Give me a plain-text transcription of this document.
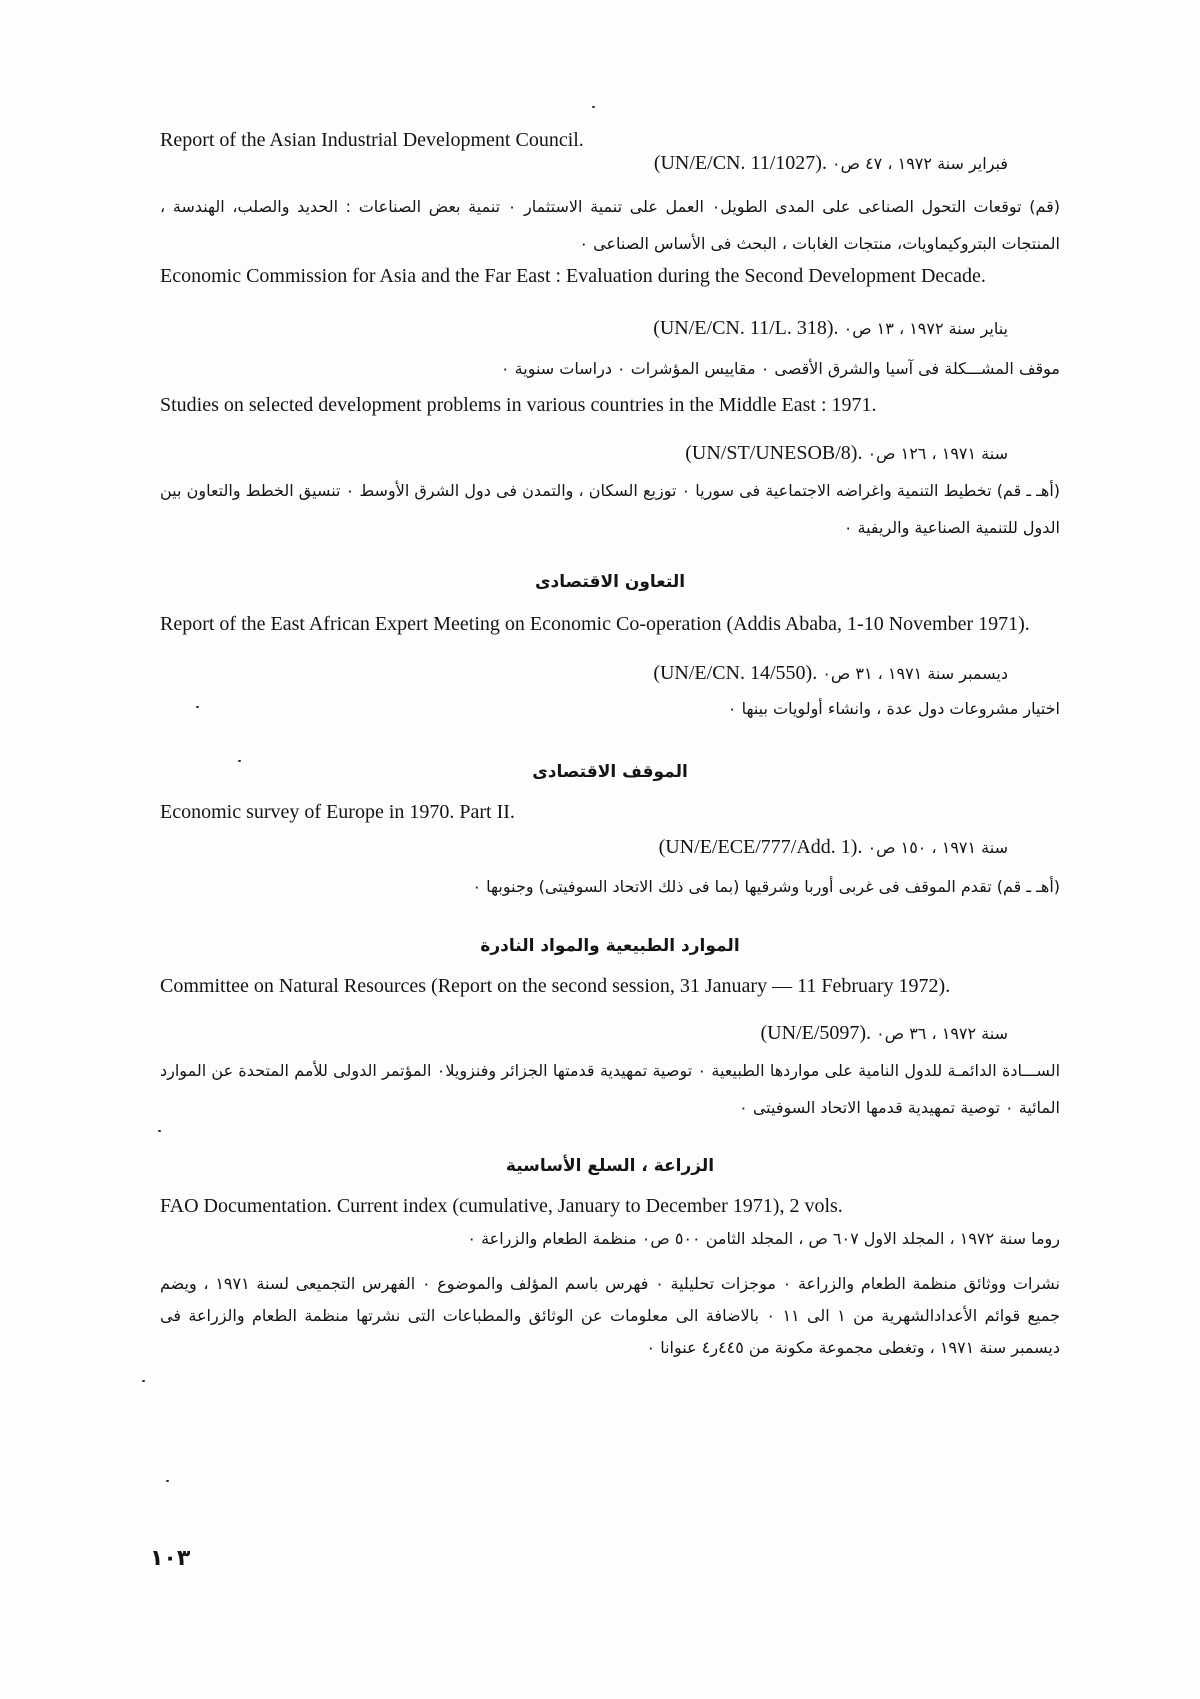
Report of the Asian Industrial Development Council.
فبراير سنة ١٩٧٢ ، ٤٧ ص٠ (UN/E/CN. 11/1027).
(قم) توقعات التحول الصناعى على المدى الطويل٠ العمل على تنمية الاستثمار ٠ تنمية بعض الصناعات : الحديد والصلب، الهندسة ، المنتجات البتروكيماويات، منتجات الغابات ، البحث فى الأساس الصناعى ٠
Economic Commission for Asia and the Far East : Evaluation during the Second Development Decade.
يناير سنة ١٩٧٢ ، ١٣ ص٠ (UN/E/CN. 11/L. 318).
موقف المشـــكلة فى آسيا والشرق الأقصى ٠ مقاييس المؤشرات ٠ دراسات سنوية ٠
Studies on selected development problems in various countries in the Middle East : 1971.
سنة ١٩٧١ ، ١٢٦ ص٠ (UN/ST/UNESOB/8).
(أهـ ـ قم) تخطيط التنمية واغراضه الاجتماعية فى سوريا ٠ توزيع السكان ، والتمدن فى دول الشرق الأوسط ٠ تنسيق الخطط والتعاون بين الدول للتنمية الصناعية والريفية ٠
التعاون الاقتصادى
Report of the East African Expert Meeting on Economic Co-operation (Addis Ababa, 1-10 November 1971).
ديسمبر سنة ١٩٧١ ، ٣١ ص٠ (UN/E/CN. 14/550).
اختيار مشروعات دول عدة ، وانشاء أولويات بينها ٠
الموقف الاقتصادى
Economic survey of Europe in 1970. Part II.
سنة ١٩٧١ ، ١٥٠ ص٠ (UN/E/ECE/777/Add. 1).
(أهـ ـ قم) تقدم الموقف فى غربى أوربا وشرقيها (بما فى ذلك الاتحاد السوفيتى) وجنوبها ٠
الموارد الطبيعية والمواد النادرة
Committee on Natural Resources (Report on the second session, 31 January — 11 February 1972).
سنة ١٩٧٢ ، ٣٦ ص٠ (UN/E/5097).
الســـادة الدائمـة للدول النامية على مواردها الطبيعية ٠ توصية تمهيدية قدمتها الجزائر وفنزويلا٠ المؤتمر الدولى للأمم المتحدة عن الموارد المائية ٠ توصية تمهيدية قدمها الاتحاد السوفيتى ٠
الزراعة ، السلع الأساسية
FAO Documentation. Current index (cumulative, January to December 1971), 2 vols.
روما سنة ١٩٧٢ ، المجلد الاول ٦٠٧ ص ، المجلد الثامن ٥٠٠ ص٠ منظمة الطعام والزراعة ٠
نشرات ووثائق منظمة الطعام والزراعة ٠ موجزات تحليلية ٠ فهرس باسم المؤلف والموضوع ٠ الفهرس التجميعى لسنة ١٩٧١ ، ويضم جميع قوائم الأعدادالشهرية من ١ الى ١١ ٠ بالاضافة الى معلومات عن الوثائق والمطباعات التى نشرتها منظمة الطعام والزراعة فى ديسمبر سنة ١٩٧١ ، وتغطى مجموعة مكونة من ٤٤٥ر٤ عنوانا ٠
١٠٣
